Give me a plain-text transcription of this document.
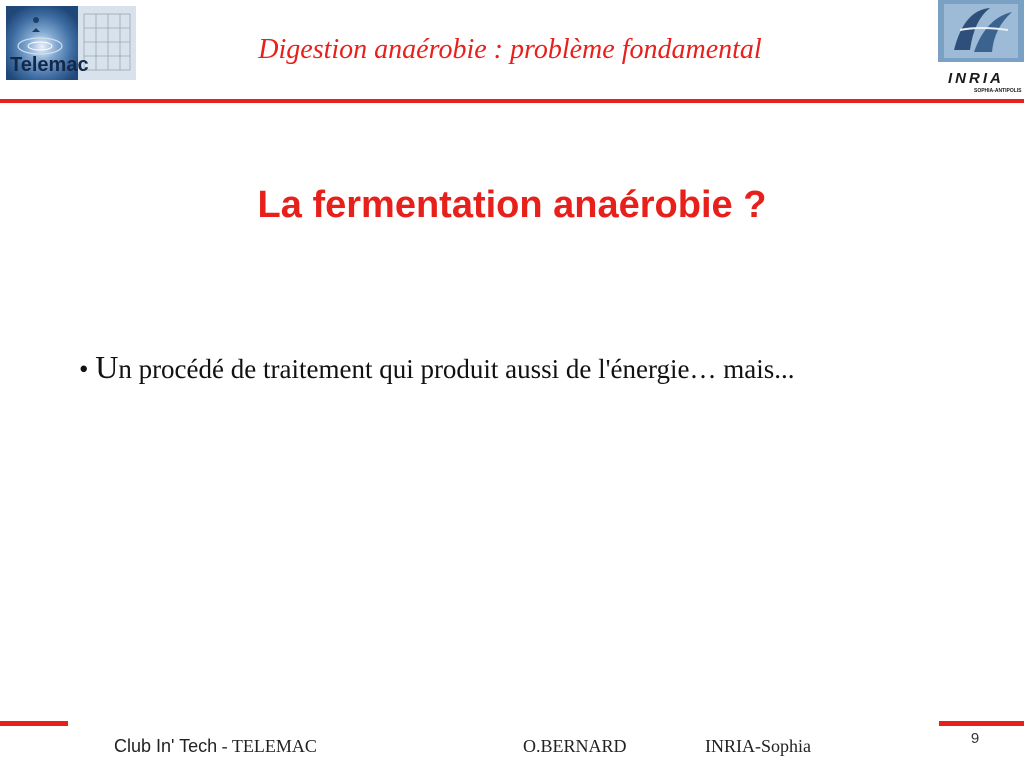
Telemac	Digestion anaérobie : problème fondamental
INRIA
SOPHIA-ANTIPOLIS
La fermentation anaérobie ?
• Un procédé de traitement qui produit aussi de l'énergie… mais...
Club In' Tech - TELEMAC	O.BERNARD	INRIA-Sophia	9
